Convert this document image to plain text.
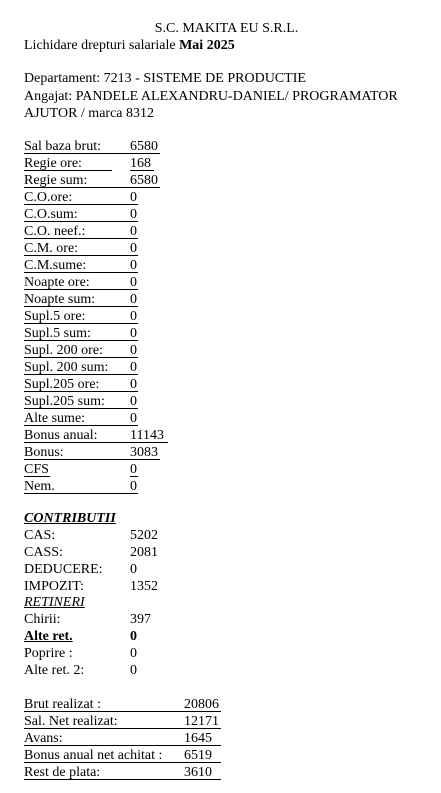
S.C. MAKITA EU S.R.L.
Lichidare drepturi salariale Mai 2025
Departament: 7213 - SISTEME DE PRODUCTIE
Angajat: PANDELE ALEXANDRU-DANIEL/ PROGRAMATOR
AJUTOR / marca 8312
Sal baza brut: 6580
Regie ore:	168
Regie sum:	6580
C.O.ore:	0
C.O.sum:	0
C.O. neef.:	0
C.M. ore:	0
C.M.sume:	0
Noapte ore:	0
Noapte sum: 0
Supl.5 ore:	0
Supl.5 sum:	0
Supl. 200 ore: 0
Supl. 200 sum: 0
Supl.205 ore: 0
Supl.205 sum: 0
Alte sume:	0
Bonus anual: 11143
Bonus:	3083
CFS	0
Nem.	0
CONTRIBUTII
CAS:	5202
CASS:	2081
DEDUCERE: 0
IMPOZIT:	1352
RETINERI
Chirii:	397
Alte ret.	0
Poprire :	0
Alte ret. 2:	0
Brut realizat :	20806
Sal. Net realizat:	12171
Avans:	1645
Bonus anual net achitat : 6519
Rest de plata:	3610
